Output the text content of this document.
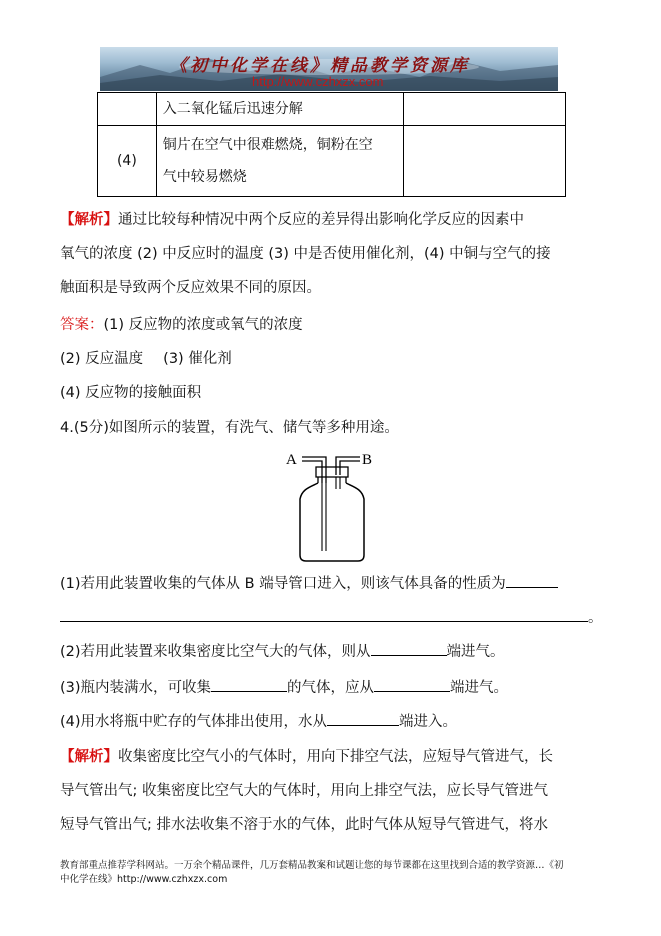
《初中化学在线》精品教学资源库
http://www.czhxzx.com

	入二氧化锰后迅速分解	

(4)	铜片在空气中很难燃烧，铜粉在空
气中较易燃烧	

【解析】通过比较每种情况中两个反应的差异得出影响化学反应的因素中
氧气的浓度 (2) 中反应时的温度 (3) 中是否使用催化剂，(4) 中铜与空气的接
触面积是导致两个反应效果不同的原因。
答案：(1) 反应物的浓度或氧气的浓度
(2) 反应温度 (3) 催化剂
(4) 反应物的接触面积
4.(5分)如图所示的装置，有洗气、储气等多种用途。
A	B
(1)若用此装置收集的气体从 B 端导管口进入，则该气体具备的性质为
。
(2)若用此装置来收集密度比空气大的气体，则从	端进气。
(3)瓶内装满水，可收集	的气体，应从	端进气。
(4)用水将瓶中贮存的气体排出使用，水从	端进入。
【解析】收集密度比空气小的气体时，用向下排空气法，应短导气管进气，长
导气管出气; 收集密度比空气大的气体时，用向上排空气法，应长导气管进气
短导气管出气; 排水法收集不溶于水的气体，此时气体从短导气管进气，将水
教育部重点推荐学科网站。一万余个精品课件，几万套精品教案和试题让您的每节课都在这里找到合适的教学资源…《初
中化学在线》http://www.czhxzx.com
